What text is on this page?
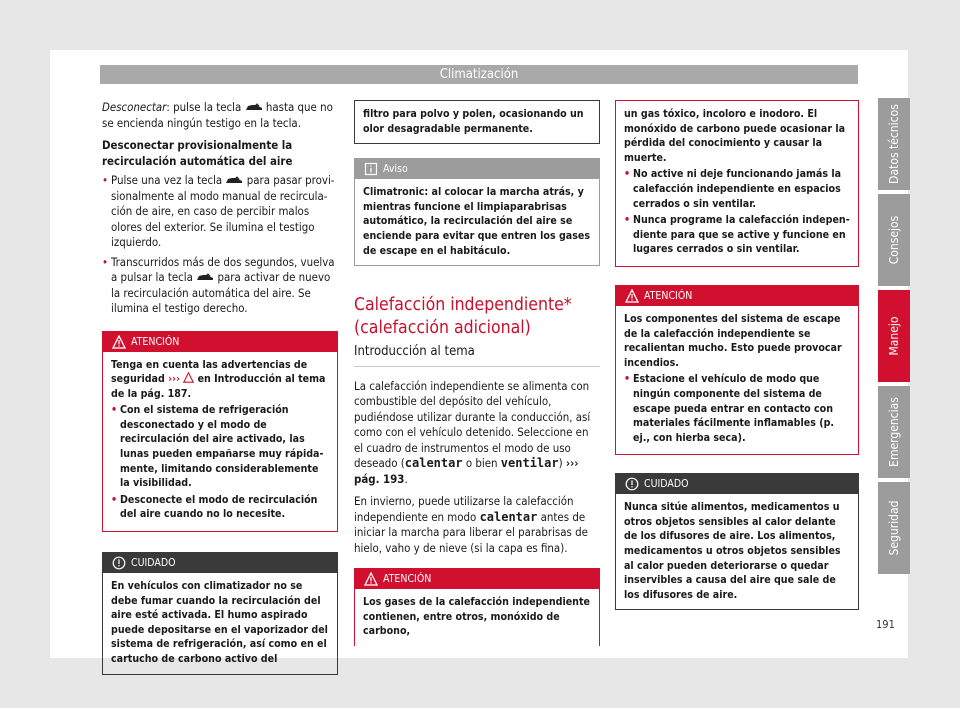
Climatización

Desconectar: pulse la tecla hasta que no se encienda ningún testigo en la tecla.

Desconectar provisionalmente la recirculación automática del aire

• Pulse una vez la tecla para pasar provisionalmente al modo manual de recirculación de aire, en caso de percibir malos olores del exterior. Se ilumina el testigo izquierdo.
• Transcurridos más de dos segundos, vuelva a pulsar la tecla para activar de nuevo la recirculación automática del aire. Se ilumina el testigo derecho.
ATENCIÓN
Tenga en cuenta las advertencias de seguridad ››› en Introducción al tema de la pág. 187.
• Con el sistema de refrigeración desconectado y el modo de recirculación del aire activado, las lunas pueden empañarse muy rápidamente, limitando considerablemente la visibilidad.
• Desconecte el modo de recirculación del aire cuando no lo necesite.
CUIDADO
En vehículos con climatizador no se debe fumar cuando la recirculación del aire esté activada. El humo aspirado puede depositarse en el vaporizador del sistema de refrigeración, así como en el cartucho de carbono activo del
filtro para polvo y polen, ocasionando un olor desagradable permanente.
Aviso
Climatronic: al colocar la marcha atrás, y mientras funcione el limpiaparabrisas automático, la recirculación del aire se enciende para evitar que entren los gases de escape en el habitáculo.
Calefacción independiente* (calefacción adicional)
Introducción al tema

La calefacción independiente se alimenta con combustible del depósito del vehículo, pudiéndose utilizar durante la conducción, así como con el vehículo detenido. Seleccione en el cuadro de instrumentos el modo de uso deseado (calentar o bien ventilar) ››› pág. 193.

En invierno, puede utilizarse la calefacción independiente en modo calentar antes de iniciar la marcha para liberar el parabrisas de hielo, vaho y de nieve (si la capa es fina).

ATENCIÓN
Los gases de la calefacción independiente contienen, entre otros, monóxido de carbono,
un gas tóxico, incoloro e inodoro. El monóxido de carbono puede ocasionar la pérdida del conocimiento y causar la muerte.
• No active ni deje funcionando jamás la calefacción independiente en espacios cerrados o sin ventilar.
• Nunca programe la calefacción independiente para que se active y funcione en lugares cerrados o sin ventilar.
ATENCIÓN
Los componentes del sistema de escape de la calefacción independiente se recalientan mucho. Esto puede provocar incendios.
• Estacione el vehículo de modo que ningún componente del sistema de escape pueda entrar en contacto con materiales fácilmente inflamables (p. ej., con hierba seca).
CUIDADO
Nunca sitúe alimentos, medicamentos u otros objetos sensibles al calor delante de los difusores de aire. Los alimentos, medicamentos u otros objetos sensibles al calor pueden deteriorarse o quedar inservibles a causa del aire que sale de los difusores de aire.
Datos técnicos
Consejos
Manejo
Emergencias
Seguridad
191
